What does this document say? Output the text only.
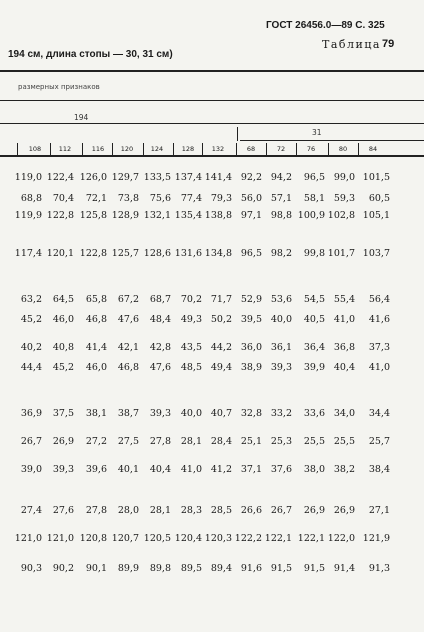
ГОСТ 26456.0—89 С. 325
Таблица 79
194 см, длина стопы — 30, 31 см)
размерных признаков
194
31
108	112	116	120	124	128	132	68	72	76	80	84
119,0 122,4 126,0 129,7 133,5 137,4 141,4 92,2 94,2	96,5 99,0 101,5
68,8	70,4	72,1	73,8	75,6	77,4 79,3 56,0 57,1	58,1 59,3	60,5
119,9 122,8 125,8 128,9 132,1 135,4 138,8 97,1 98,8 100,9 102,8 105,1
117,4 120,1 122,8 125,7 128,6 131,6 134,8 96,5 98,2	99,8 101,7 103,7
63,2	64,5	65,8	67,2	68,7	70,2 71,7 52,9 53,6	54,5 55,4	56,4
45,2	46,0	46,8	47,6	48,4	49,3 50,2 39,5 40,0	40,5 41,0	41,6
40,2	40,8	41,4	42,1	42,8	43,5 44,2 36,0 36,1	36,4 36,8	37,3
44,4	45,2	46,0	46,8	47,6	48,5 49,4 38,9 39,3	39,9 40,4	41,0
36,9	37,5	38,1	38,7	39,3	40,0 40,7 32,8 33,2	33,6 34,0	34,4
26,7	26,9	27,2	27,5	27,8	28,1 28,4 25,1 25,3	25,5 25,5	25,7
39,0	39,3	39,6	40,1	40,4	41,0 41,2 37,1 37,6	38,0 38,2	38,4
27,4	27,6	27,8	28,0	28,1	28,3 28,5 26,6 26,7	26,9 26,9	27,1
121,0 121,0 120,8 120,7 120,5 120,4 120,3 122,2 122,1 122,1 122,0 121,9
90,3	90,2	90,1	89,9	89,8	89,5 89,4 91,6 91,5	91,5 91,4	91,3
